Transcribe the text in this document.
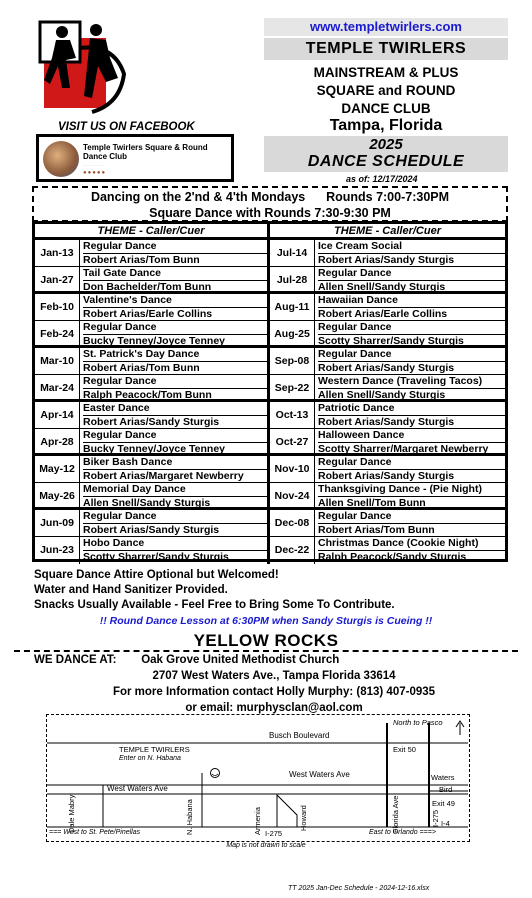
www.templetwirlers.com
TEMPLE TWIRLERS
MAINSTREAM & PLUS
SQUARE and ROUND
DANCE CLUB
Tampa, Florida
2025
DANCE SCHEDULE
as of: 12/17/2024
VISIT US ON FACEBOOK
Temple Twirlers Square & Round Dance Club
· · · · · · · ·
●●●●●
Dancing on the 2'nd & 4'th Mondays      Rounds 7:00-7:30PM
Square Dance with Rounds 7:30-9:30 PM
THEME - Caller/Cuer
Jan-13
Regular Dance
Robert Arias/Tom Bunn
Jan-27
Tail Gate Dance
Don Bachelder/Tom Bunn
Feb-10
Valentine's Dance
Robert Arias/Earle Collins
Feb-24
Regular Dance
Bucky Tenney/Joyce Tenney
Mar-10
St. Patrick's Day Dance
Robert Arias/Tom Bunn
Mar-24
Regular Dance
Ralph Peacock/Tom Bunn
Apr-14
Easter Dance
Robert Arias/Sandy Sturgis
Apr-28
Regular Dance
Bucky Tenney/Joyce Tenney
May-12
Biker Bash Dance
Robert Arias/Margaret Newberry
May-26
Memorial Day Dance
Allen Snell/Sandy Sturgis
Jun-09
Regular Dance
Robert Arias/Sandy Sturgis
Jun-23
Hobo Dance
Scotty Sharrer/Sandy Sturgis
THEME - Caller/Cuer
Jul-14
Ice Cream Social
Robert Arias/Sandy Sturgis
Jul-28
Regular Dance
Allen Snell/Sandy Sturgis
Aug-11
Hawaiian Dance
Robert Arias/Earle Collins
Aug-25
Regular Dance
Scotty Sharrer/Sandy Sturgis
Sep-08
Regular Dance
Robert Arias/Sandy Sturgis
Sep-22
Western Dance (Traveling Tacos)
Allen Snell/Sandy Sturgis
Oct-13
Patriotic Dance
Robert Arias/Sandy Sturgis
Oct-27
Halloween Dance
Scotty Sharrer/Margaret Newberry
Nov-10
Regular Dance
Robert Arias/Sandy Sturgis
Nov-24
Thanksgiving Dance - (Pie Night)
Allen Snell/Tom Bunn
Dec-08
Regular Dance
Robert Arias/Tom Bunn
Dec-22
Christmas Dance (Cookie Night)
Ralph Peacock/Sandy Sturgis
Square Dance Attire Optional but Welcomed!
Water and Hand Sanitizer Provided.
Snacks Usually Available - Feel Free to Bring Some To Contribute.
!! Round Dance Lesson at 6:30PM when Sandy Sturgis is Cueing !!
YELLOW ROCKS
WE DANCE AT: Oak Grove United Methodist Church
2707 West Waters Ave., Tampa Florida 33614
For more Information contact Holly Murphy: (813) 407-0935
or email: murphysclan@aol.com
North to Pasco
Busch Boulevard
Exit 50
TEMPLE TWIRLERS
Enter on N. Habana
West Waters Ave	Waters
Bird
Exit 49
West Waters Ave
Dale Mabry	N. Habana	Armenia	Howard	Florida Ave	I-275 I-4
=== West to St. Pete/Pinellas	I-275	East to Orlando ===>
Map is not drawn to scale
TT 2025 Jan-Dec Schedule - 2024-12-16.xlsx
